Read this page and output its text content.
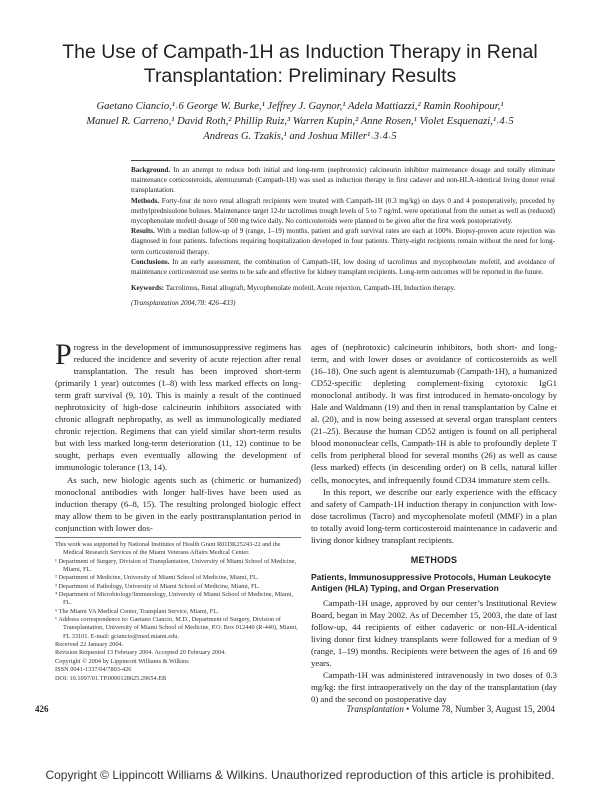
The Use of Campath-1H as Induction Therapy in Renal
Transplantation: Preliminary Results
Gaetano Ciancio,¹˒6 George W. Burke,¹ Jeffrey J. Gaynor,¹ Adela Mattiazzi,² Ramin Roohipour,¹
Manuel R. Carreno,¹ David Roth,² Phillip Ruiz,³ Warren Kupin,² Anne Rosen,¹ Violet Esquenazi,¹˒4˒5
Andreas G. Tzakis,¹ and Joshua Miller¹˒3˒4˒5

Background. In an attempt to reduce both initial and long-term (nephrotoxic) calcineurin inhibitor maintenance dosage and totally eliminate maintenance corticosteroids, alemtuzumab (Campath-1H) was used as induction therapy in first cadaver and non-HLA-identical living donor renal transplantation.

Methods. Forty-four de novo renal allograft recipients were treated with Campath-1H (0.3 mg/kg) on days 0 and 4 postoperatively, preceded by methylprednisolone boluses. Maintenance target 12-hr tacrolimus trough levels of 5 to 7 ng/mL were operational from the outset as well as (reduced) mycophenolate mofetil dosage of 500 mg twice daily. No corticosteroids were planned to be given after the first week postoperatively.

Results. With a median follow-up of 9 (range, 1–19) months, patient and graft survival rates are each at 100%. Biopsy-proven acute rejection was diagnosed in four patients. Infections requiring hospitalization developed in four patients. Thirty-eight recipients remain without the need for long-term corticosteroid therapy.

Conclusions. In an early assessment, the combination of Campath-1H, low dosing of tacrolimus and mycophenolate mofetil, and avoidance of maintenance corticosteroid use seems to be safe and effective for kidney transplant recipients. Long-term outcomes will be reported in the future.

Keywords: Tacrolimus, Renal allograft, Mycophenolate mofetil, Acute rejection, Campath-1H, Induction therapy.

(Transplantation 2004;78: 426–433)

Progress in the development of immunosuppressive regimens has reduced the incidence and severity of acute rejection after renal transplantation. The result has been improved short-term (primarily 1 year) outcomes (1–8) with less marked effects on long-term graft survival (9, 10). This is mainly a result of the continued nephrotoxicity of high-dose calcineurin inhibitors associated with chronic allograft nephropathy, as well as immunologically mediated chronic rejection. Regimens that can yield similar short-term results but with less marked long-term deterioration (11, 12) continue to be sought, perhaps even eventually allowing the development of immunologic tolerance (13, 14).

As such, new biologic agents such as (chimeric or humanized) monoclonal antibodies with longer half-lives have been used as induction therapy (6–8, 15). The resulting prolonged biologic effect may allow them to be given in the early posttransplantation period in conjunction with lower dos-

This work was supported by National Institutes of Health Grant R01DK25243-22 and the Medical Research Services of the Miami Veterans Affairs Medical Center.

¹ Department of Surgery, Division of Transplantation, University of Miami School of Medicine, Miami, FL.

² Department of Medicine, University of Miami School of Medicine, Miami, FL.

³ Department of Pathology, University of Miami School of Medicine, Miami, FL.

⁴ Department of Microbiology/Immunology, University of Miami School of Medicine, Miami, FL.

⁵ The Miami VA Medical Center, Transplant Service, Miami, FL.

⁶ Address correspondence to: Gaetano Ciancio, M.D., Department of Surgery, Division of Transplantation, University of Miami School of Medicine, P.O. Box 012440 (R-440), Miami, FL 33101. E-mail: gciancio@med.miami.edu.

Received 22 January 2004.

Revision Requested 13 February 2004. Accepted 20 February 2004.

Copyright © 2004 by Lippincott Williams & Wilkins

ISSN 0041-1337/04/7803-426

DOI: 10.1097/01.TP.0000128625.29654.EB

ages of (nephrotoxic) calcineurin inhibitors, both short- and long-term, and with lower doses or avoidance of corticosteroids as well (16–18). One such agent is alemtuzumab (Campath-1H), a humanized CD52-specific depleting complement-fixing cytotoxic IgG1 monoclonal antibody. It was first introduced in hemato-oncology by Hale and Waldmann (19) and then in renal transplantation by Calne et al. (20), and is now being assessed at several organ transplant centers (21–25). Because the human CD52 antigen is found on all peripheral blood mononuclear cells, Campath-1H is able to profoundly deplete T cells from peripheral blood for several months (26) as well as cause (less marked) effects (in descending order) on B cells, natural killer cells, monocytes, and infrequently found CD34 immature stem cells.

In this report, we describe our early experience with the efficacy and safety of Campath-1H induction therapy in conjunction with low-dose tacrolimus (Tacro) and mycophenolate mofetil (MMF) in a plan to totally avoid long-term corticosteroid maintenance in cadaveric and living donor kidney transplant recipients.

METHODS
Patients, Immunosuppressive Protocols, Human Leukocyte Antigen (HLA) Typing, and Organ Preservation

Campath-1H usage, approved by our center’s Institutional Review Board, began in May 2002. As of December 15, 2003, the date of last follow-up, 44 recipients of either cadaveric or non-HLA-identical living donor first kidney transplants were followed for a median of 9 (range, 1–19) months. Recipients were between the ages of 16 and 69 years.

Campath-1H was administered intravenously in two doses of 0.3 mg/kg: the first intraoperatively on the day of the transplantation (day 0) and the second on postoperative day

426	Transplantation • Volume 78, Number 3, August 15, 2004
Copyright © Lippincott Williams & Wilkins. Unauthorized reproduction of this article is prohibited.
